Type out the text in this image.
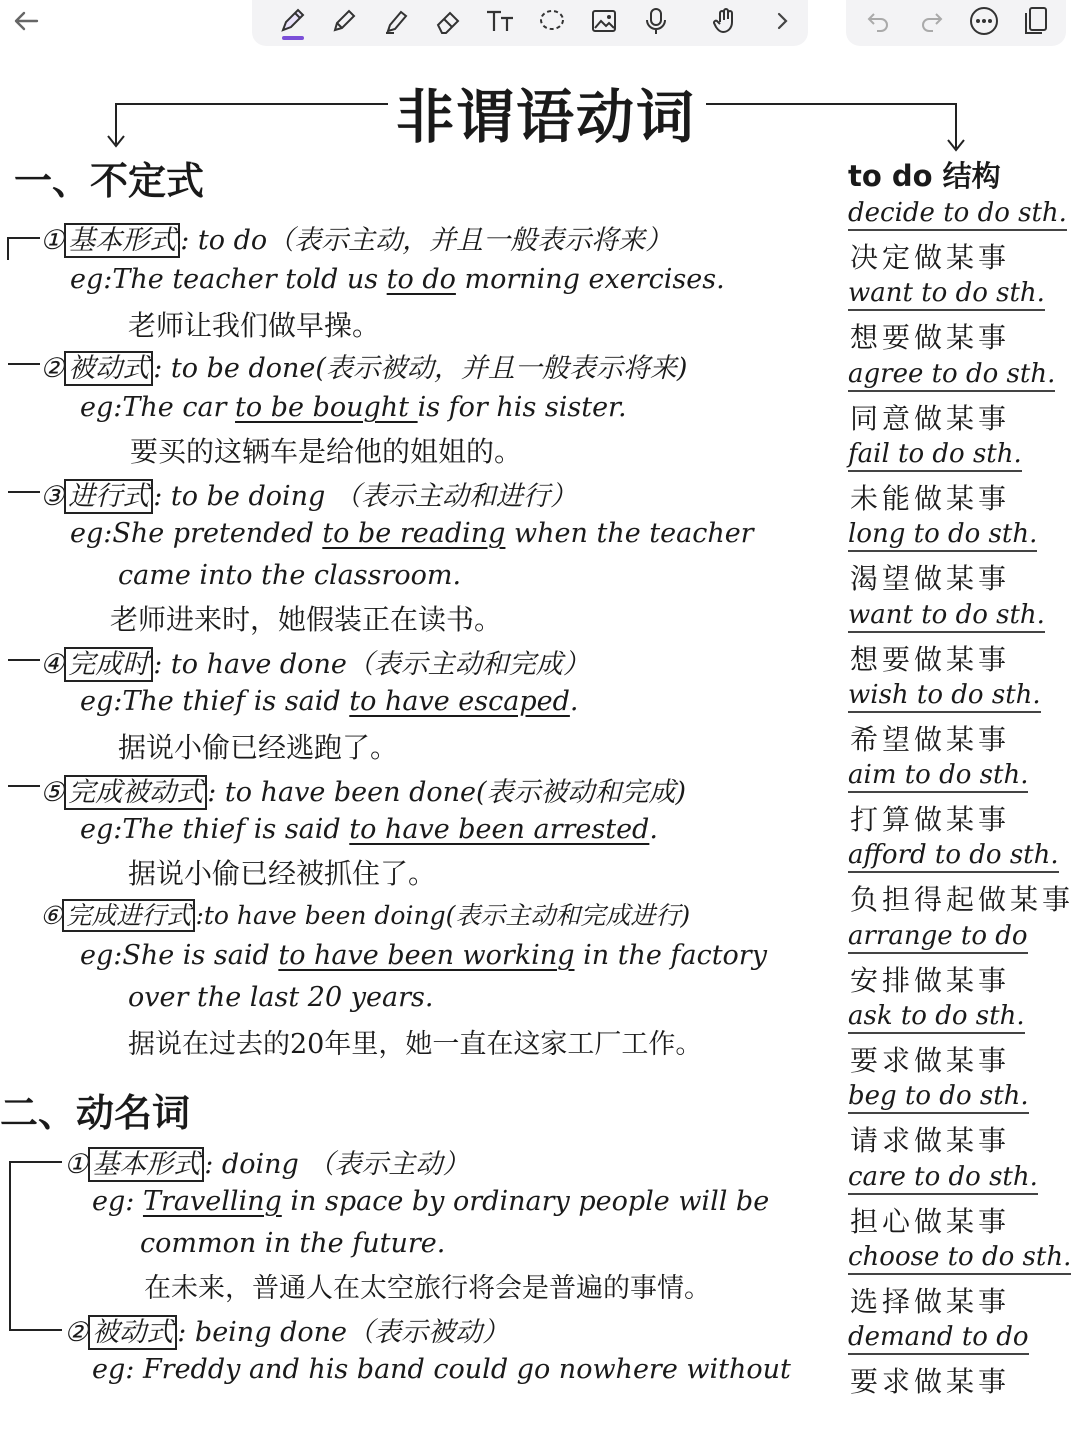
非谓语动词
一、不定式
① 基本形式 : to do（表示主动，并且一般表示将来）
eg:The teacher told us to do morning exercises.
老师让我们做早操。
② 被动式 : to be done(表示被动，并且一般表示将来)
eg:The car to be bought is for his sister.
要买的这辆车是给他的姐姐的。
③ 进行式 : to be doing （表示主动和进行）
eg:She pretended to be reading when the teacher
came into the classroom.
老师进来时，她假装正在读书。
④ 完成时 : to have done（表示主动和完成）
eg:The thief is said to have escaped.
据说小偷已经逃跑了。
⑤ 完成被动式 : to have been done(表示被动和完成)
eg:The thief is said to have been arrested.
据说小偷已经被抓住了。
⑥ 完成进行式 :to have been doing(表示主动和完成进行)
eg:She is said to have been working in the factory
over the last 20 years.
据说在过去的20年里，她一直在这家工厂工作。
二、动名词
① 基本形式 : doing （表示主动）
eg: Travelling in space by ordinary people will be
common in the future.
在未来，普通人在太空旅行将会是普遍的事情。
② 被动式 : being done（表示被动）
eg: Freddy and his band could go nowhere without
to do 结构
decide to do sth.
决定做某事
want to do sth.
想要做某事
agree to do sth.
同意做某事
fail to do sth.
未能做某事
long to do sth.
渴望做某事
want to do sth.
想要做某事
wish to do sth.
希望做某事
aim to do sth.
打算做某事
afford to do sth.
负担得起做某事
arrange to do
安排做某事
ask to do sth.
要求做某事
beg to do sth.
请求做某事
care to do sth.
担心做某事
choose to do sth.
选择做某事
demand to do
要求做某事
